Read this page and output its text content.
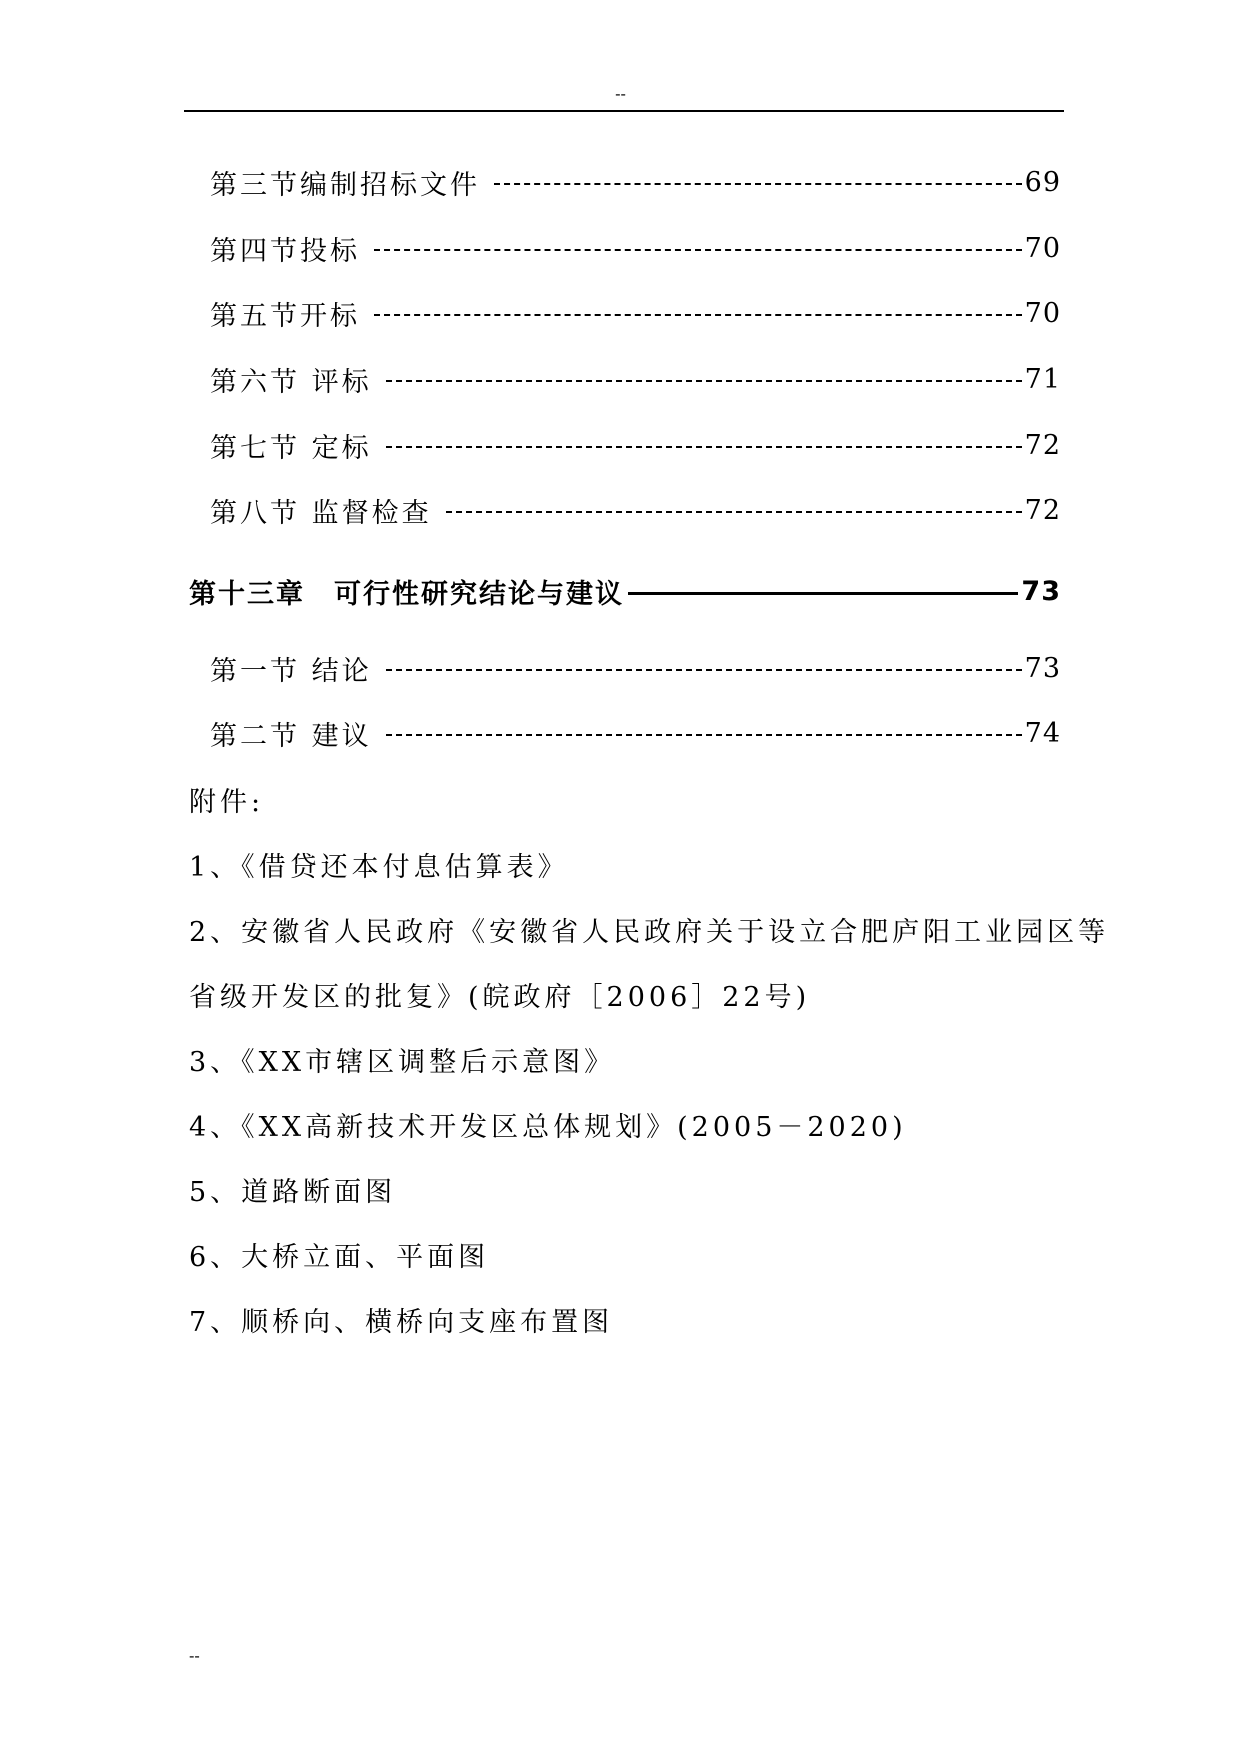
--
第三节编制招标文件	69
第四节投标	70
第五节开标	70
第六节 评标	71
第七节 定标	72
第八节 监督检查	72
第十三章　可行性研究结论与建议	73
第一节 结论	73
第二节 建议	74
附件:
1、《借贷还本付息估算表》
2、安徽省人民政府《安徽省人民政府关于设立合肥庐阳工业园区等
省级开发区的批复》(皖政府［2006］22号)
3、《XX市辖区调整后示意图》
4、《XX高新技术开发区总体规划》(2005－2020)
5、道路断面图
6、大桥立面、平面图
7、顺桥向、横桥向支座布置图
--
